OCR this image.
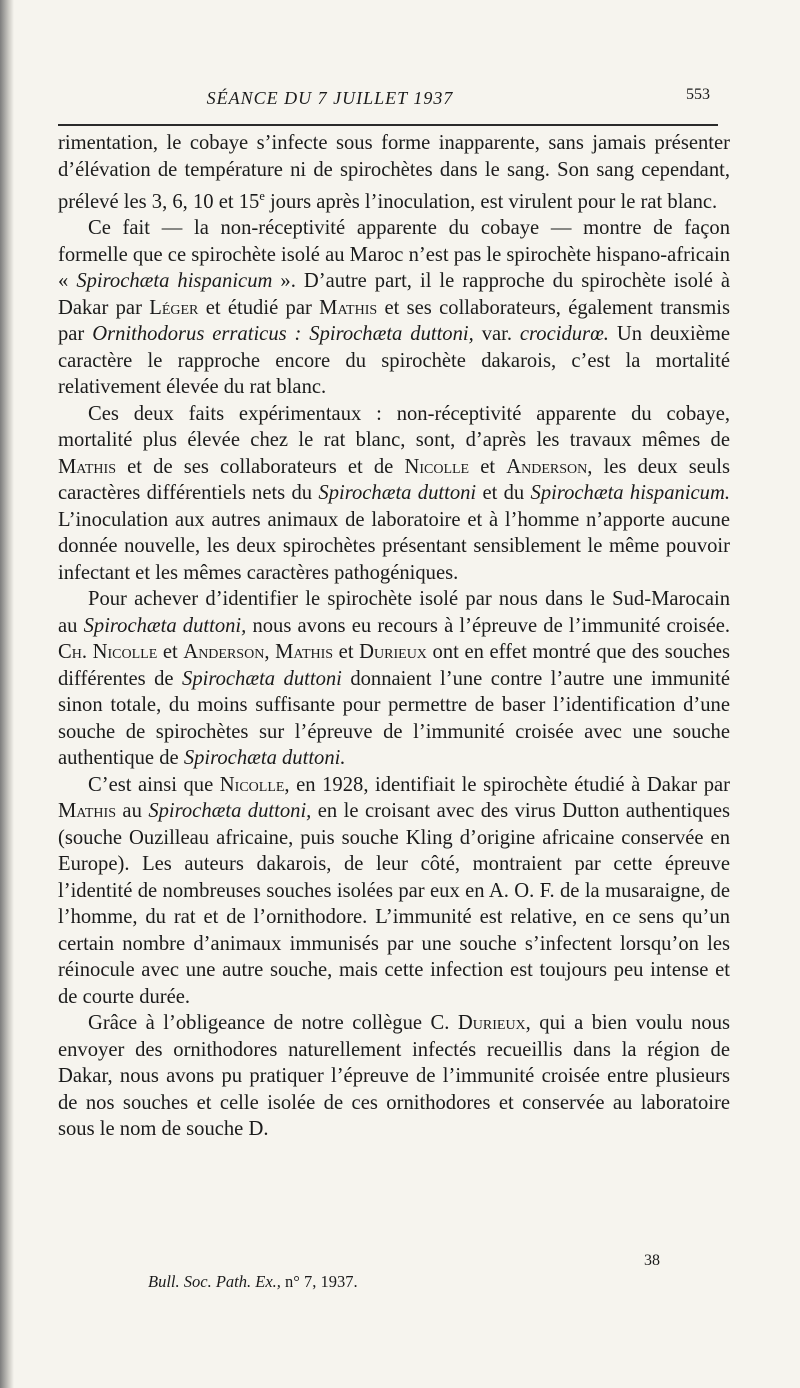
SÉANCE DU 7 JUILLET 1937	553

rimentation, le cobaye s’infecte sous forme inapparente, sans jamais présenter d’élévation de température ni de spirochètes dans le sang. Son sang cependant, prélevé les 3, 6, 10 et 15e jours après l’inoculation, est virulent pour le rat blanc.

Ce fait — la non-réceptivité apparente du cobaye — montre de façon formelle que ce spirochète isolé au Maroc n’est pas le spirochète hispano-africain « Spirochæta hispanicum ». D’autre part, il le rapproche du spirochète isolé à Dakar par Léger et étudié par Mathis et ses collaborateurs, également transmis par Ornithodorus erraticus : Spirochæta duttoni, var. crocidurœ. Un deuxième caractère le rapproche encore du spirochète dakarois, c’est la mortalité relativement élevée du rat blanc.

Ces deux faits expérimentaux : non-réceptivité apparente du cobaye, mortalité plus élevée chez le rat blanc, sont, d’après les travaux mêmes de Mathis et de ses collaborateurs et de Nicolle et Anderson, les deux seuls caractères différentiels nets du Spirochæta duttoni et du Spirochæta hispanicum. L’inoculation aux autres animaux de laboratoire et à l’homme n’apporte aucune donnée nouvelle, les deux spirochètes présentant sensiblement le même pouvoir infectant et les mêmes caractères pathogéniques.

Pour achever d’identifier le spirochète isolé par nous dans le Sud-Marocain au Spirochæta duttoni, nous avons eu recours à l’épreuve de l’immunité croisée. Ch. Nicolle et Anderson, Mathis et Durieux ont en effet montré que des souches différentes de Spirochæta duttoni donnaient l’une contre l’autre une immunité sinon totale, du moins suffisante pour permettre de baser l’identification d’une souche de spirochètes sur l’épreuve de l’immunité croisée avec une souche authentique de Spirochæta duttoni.

C’est ainsi que Nicolle, en 1928, identifiait le spirochète étudié à Dakar par Mathis au Spirochæta duttoni, en le croisant avec des virus Dutton authentiques (souche Ouzilleau africaine, puis souche Kling d’origine africaine conservée en Europe). Les auteurs dakarois, de leur côté, montraient par cette épreuve l’identité de nombreuses souches isolées par eux en A. O. F. de la musaraigne, de l’homme, du rat et de l’ornithodore. L’immunité est relative, en ce sens qu’un certain nombre d’animaux immunisés par une souche s’infectent lorsqu’on les réinocule avec une autre souche, mais cette infection est toujours peu intense et de courte durée.

Grâce à l’obligeance de notre collègue C. Durieux, qui a bien voulu nous envoyer des ornithodores naturellement infectés recueillis dans la région de Dakar, nous avons pu pratiquer l’épreuve de l’immunité croisée entre plusieurs de nos souches et celle isolée de ces ornithodores et conservée au laboratoire sous le nom de souche D.

38
Bull. Soc. Path. Ex., n° 7, 1937.
